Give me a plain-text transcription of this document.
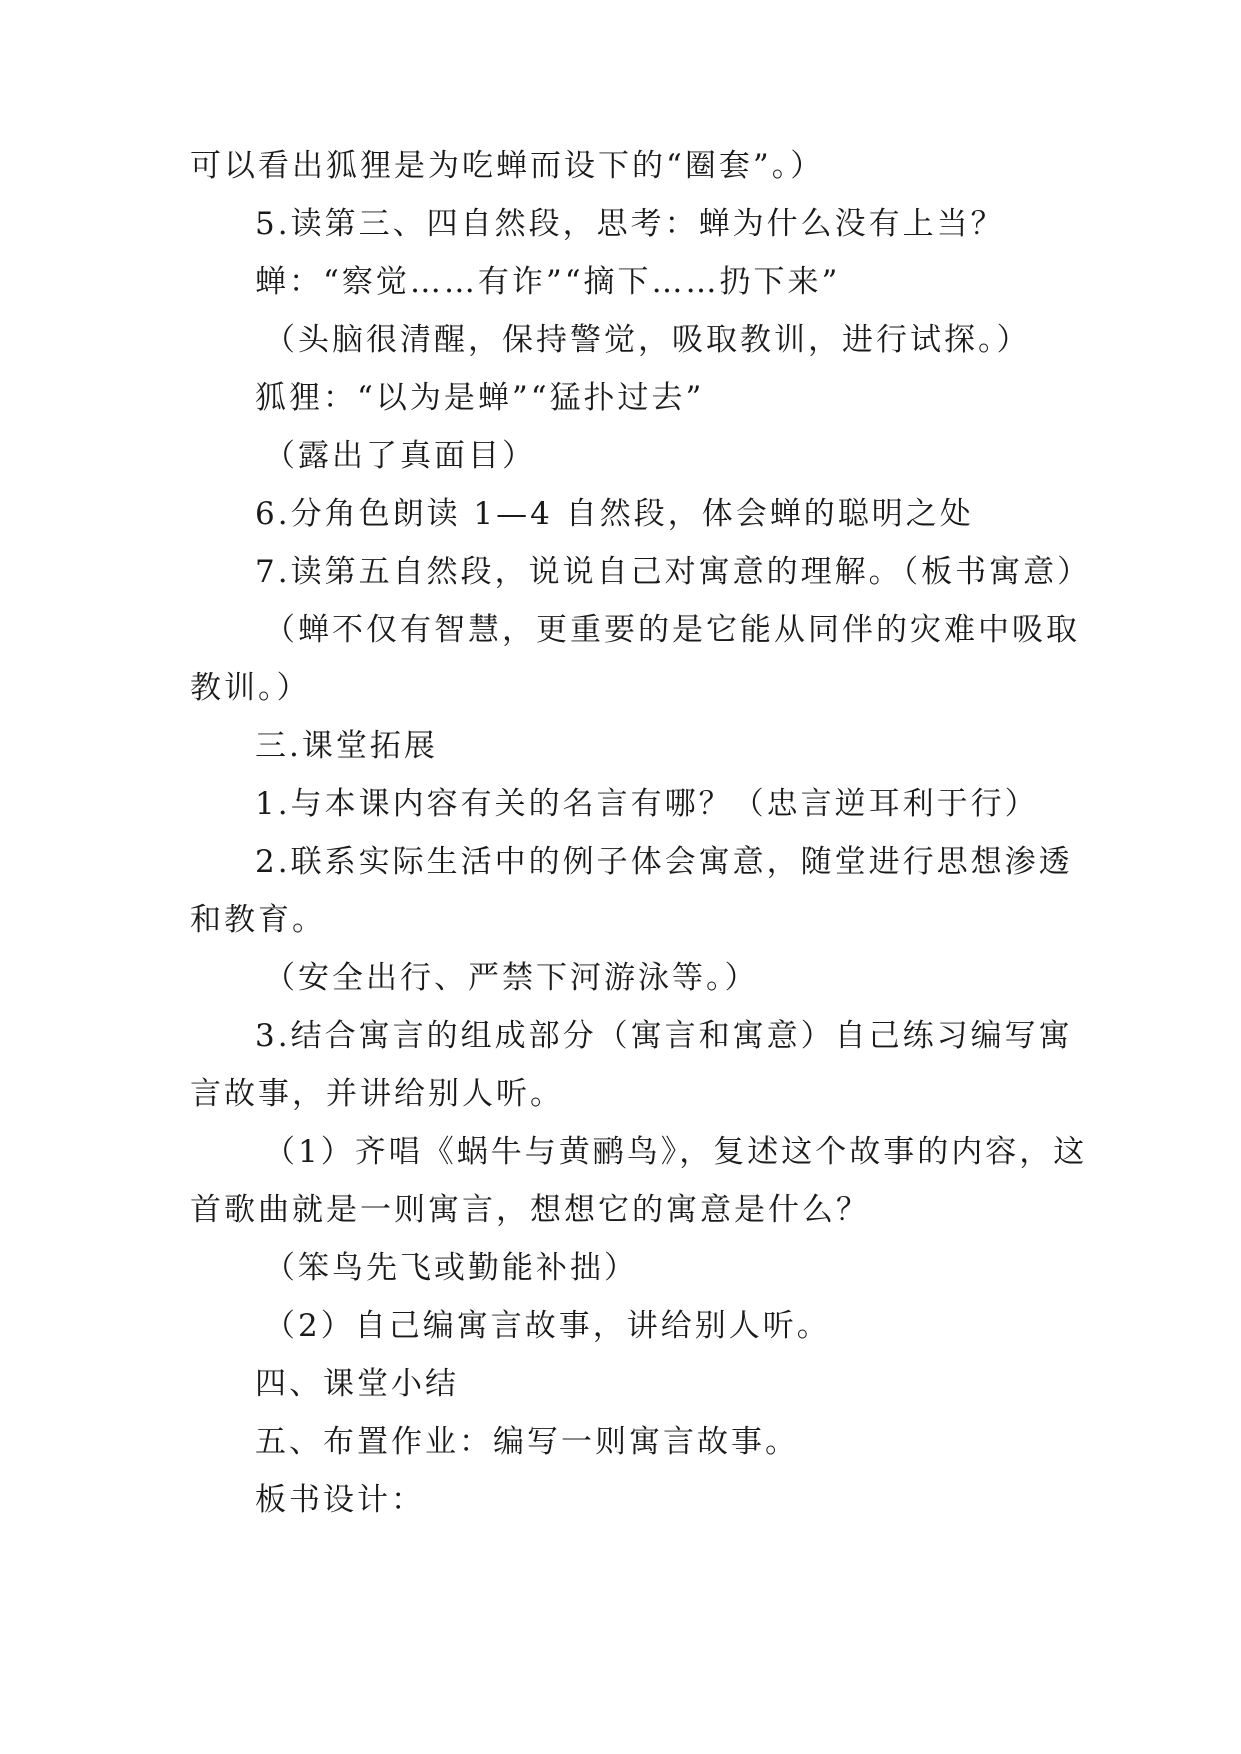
可以看出狐狸是为吃蝉而设下的“圈套”。）
5.读第三、四自然段，思考：蝉为什么没有上当？
蝉：“察觉……有诈”“摘下……扔下来”
（头脑很清醒，保持警觉，吸取教训，进行试探。）
狐狸：“以为是蝉”“猛扑过去”
（露出了真面目）
6.分角色朗读 1—4 自然段，体会蝉的聪明之处
7.读第五自然段，说说自己对寓意的理解。（板书寓意）
（蝉不仅有智慧，更重要的是它能从同伴的灾难中吸取
教训。）
三.课堂拓展
1.与本课内容有关的名言有哪？（忠言逆耳利于行）
2.联系实际生活中的例子体会寓意，随堂进行思想渗透
和教育。
（安全出行、严禁下河游泳等。）
3.结合寓言的组成部分（寓言和寓意）自己练习编写寓
言故事，并讲给别人听。
（1）齐唱《蜗牛与黄鹂鸟》，复述这个故事的内容，这
首歌曲就是一则寓言，想想它的寓意是什么？
（笨鸟先飞或勤能补拙）
（2）自己编寓言故事，讲给别人听。
四、课堂小结
五、布置作业：编写一则寓言故事。
板书设计：
